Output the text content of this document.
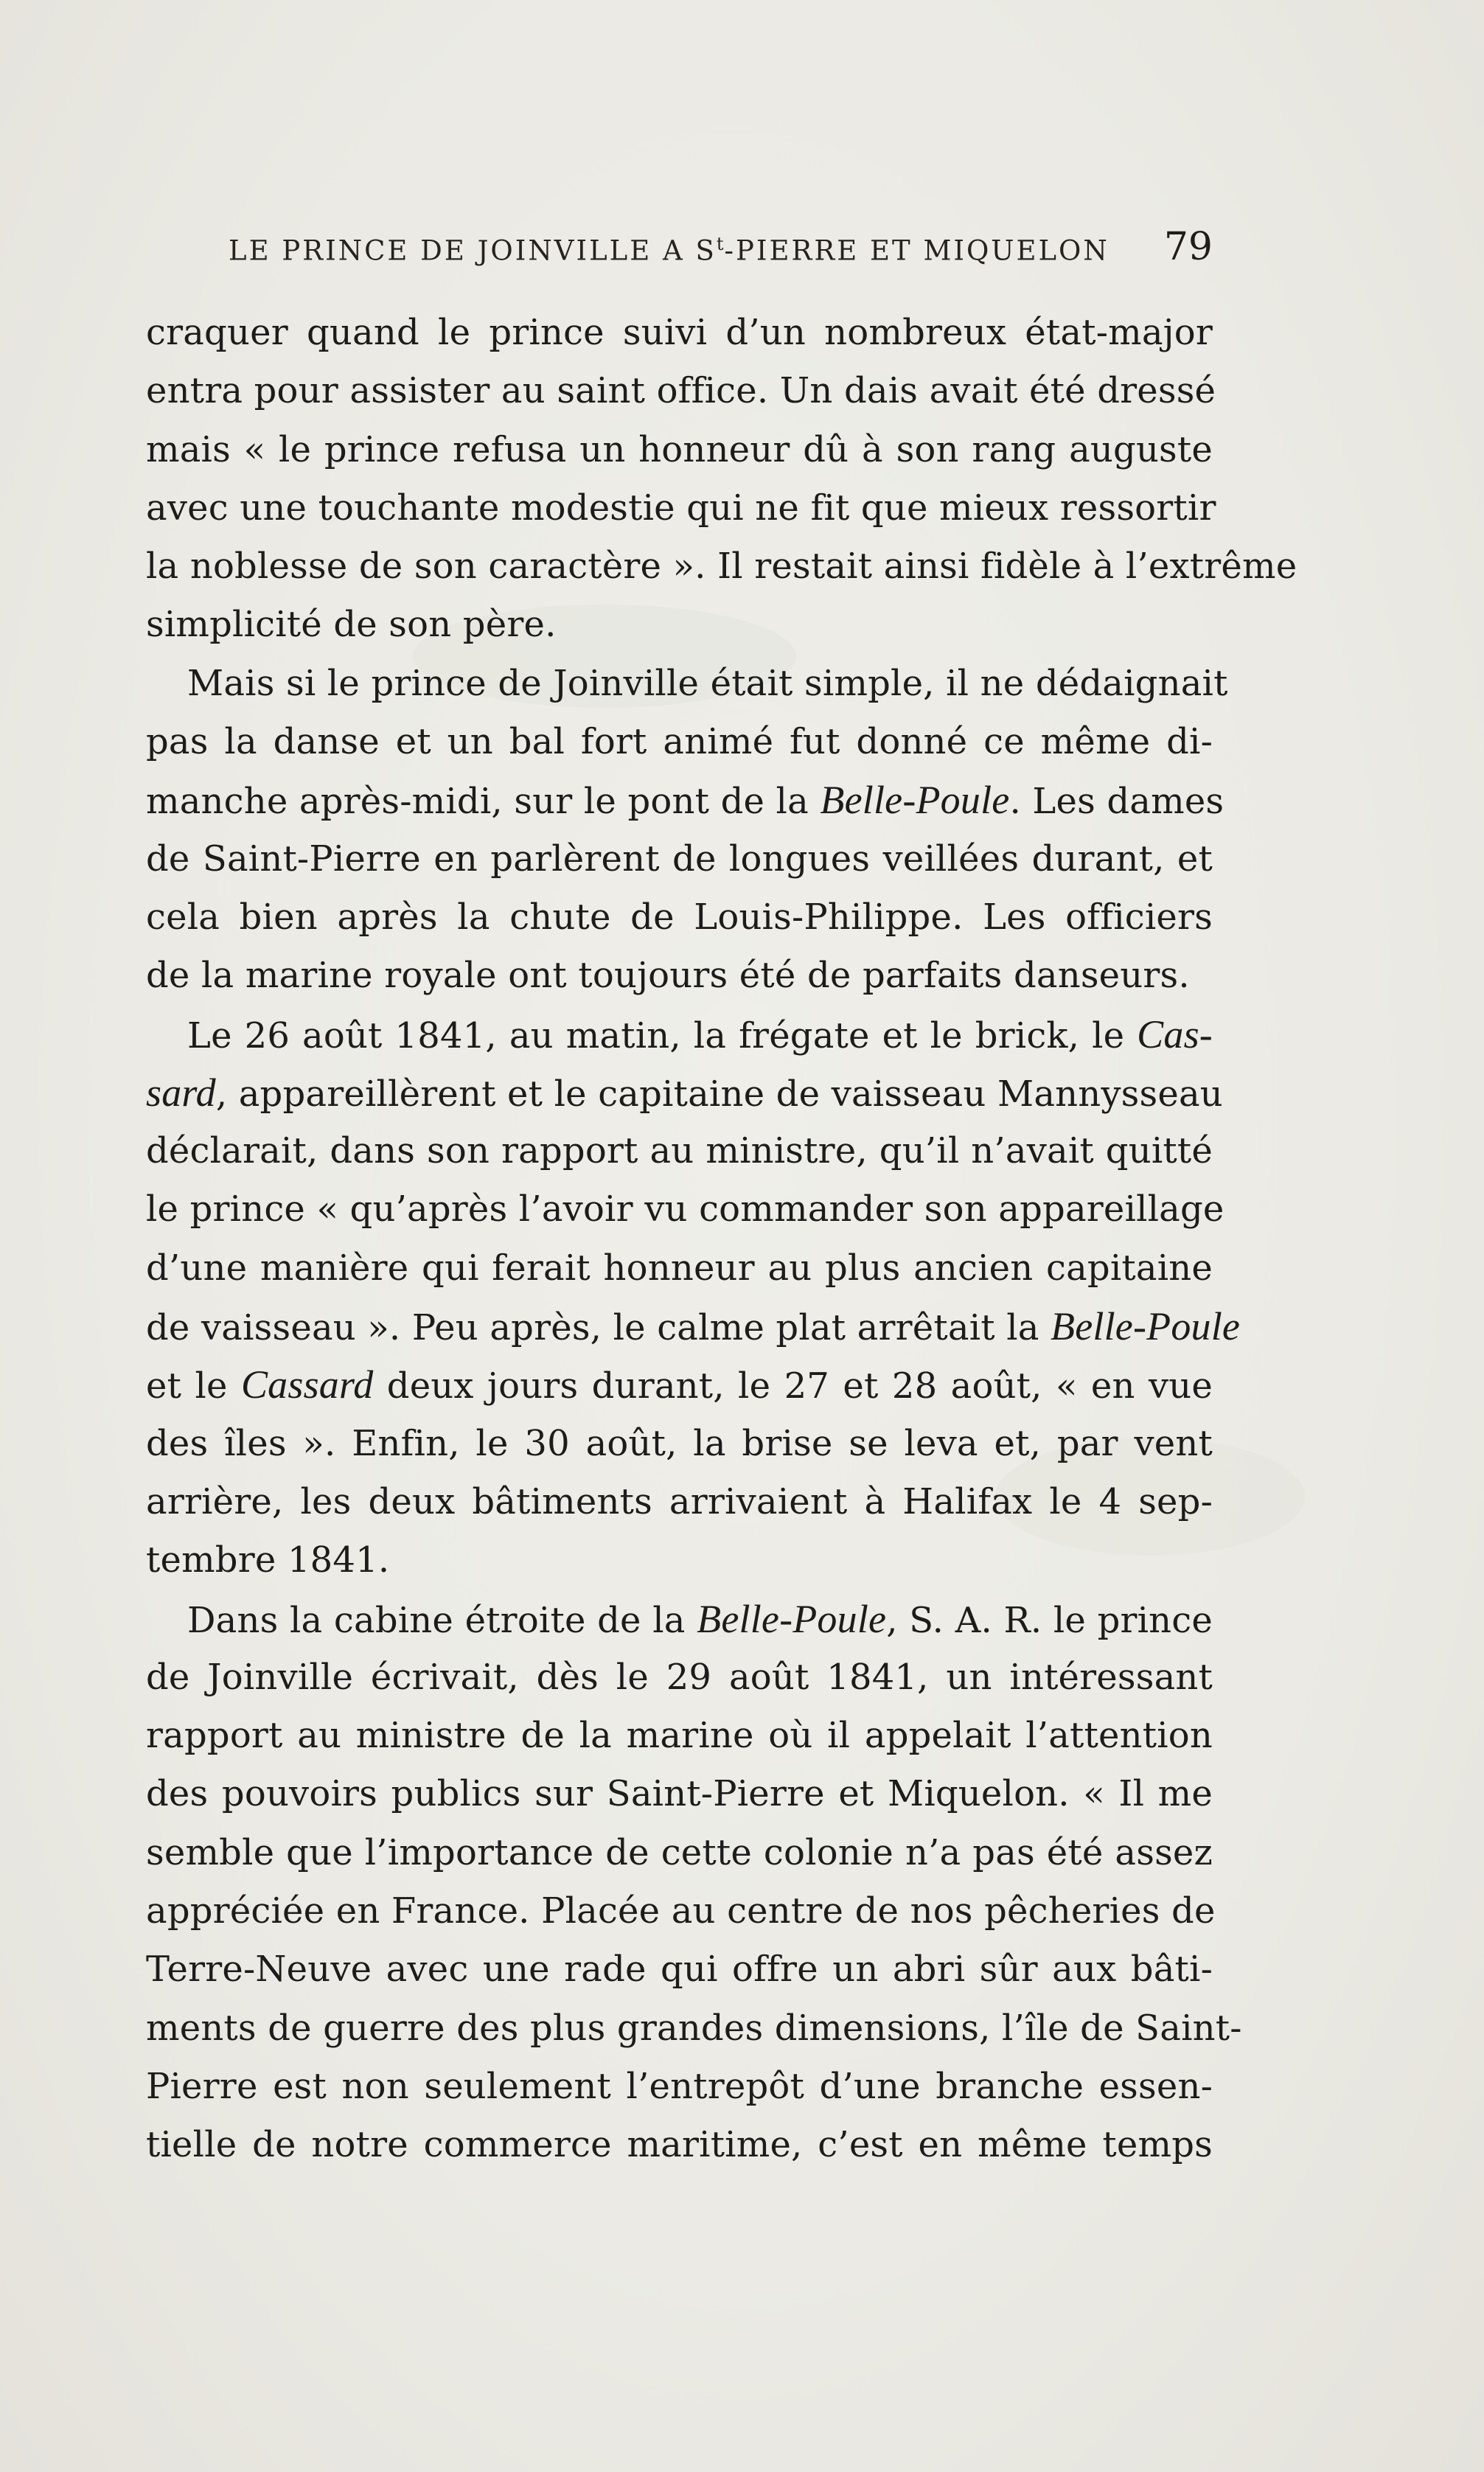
LE PRINCE DE JOINVILLE A $S^t$-PIERRE ET MIQUELON 79
craquer quand le prince suivi d’un nombreux état-major
entra pour assister au saint office. Un dais avait été dressé
mais « le prince refusa un honneur dû à son rang auguste
avec une touchante modestie qui ne fit que mieux ressortir
la noblesse de son caractère ». Il restait ainsi fidèle à l’extrême
simplicité de son père.
Mais si le prince de Joinville était simple, il ne dédaignait
pas la danse et un bal fort animé fut donné ce même di-
manche après-midi, sur le pont de la Belle-Poule. Les dames
de Saint-Pierre en parlèrent de longues veillées durant, et
cela bien après la chute de Louis-Philippe. Les officiers
de la marine royale ont toujours été de parfaits danseurs.
Le 26 août 1841, au matin, la frégate et le brick, le Cas-
sard, appareillèrent et le capitaine de vaisseau Mannysseau
déclarait, dans son rapport au ministre, qu’il n’avait quitté
le prince « qu’après l’avoir vu commander son appareillage
d’une manière qui ferait honneur au plus ancien capitaine
de vaisseau ». Peu après, le calme plat arrêtait la Belle-Poule
et le Cassard deux jours durant, le 27 et 28 août, « en vue
des îles ». Enfin, le 30 août, la brise se leva et, par vent
arrière, les deux bâtiments arrivaient à Halifax le 4 sep-
tembre 1841.
Dans la cabine étroite de la Belle-Poule, S. A. R. le prince
de Joinville écrivait, dès le 29 août 1841, un intéressant
rapport au ministre de la marine où il appelait l’attention
des pouvoirs publics sur Saint-Pierre et Miquelon. « Il me
semble que l’importance de cette colonie n’a pas été assez
appréciée en France. Placée au centre de nos pêcheries de
Terre-Neuve avec une rade qui offre un abri sûr aux bâti-
ments de guerre des plus grandes dimensions, l’île de Saint-
Pierre est non seulement l’entrepôt d’une branche essen-
tielle de notre commerce maritime, c’est en même temps
